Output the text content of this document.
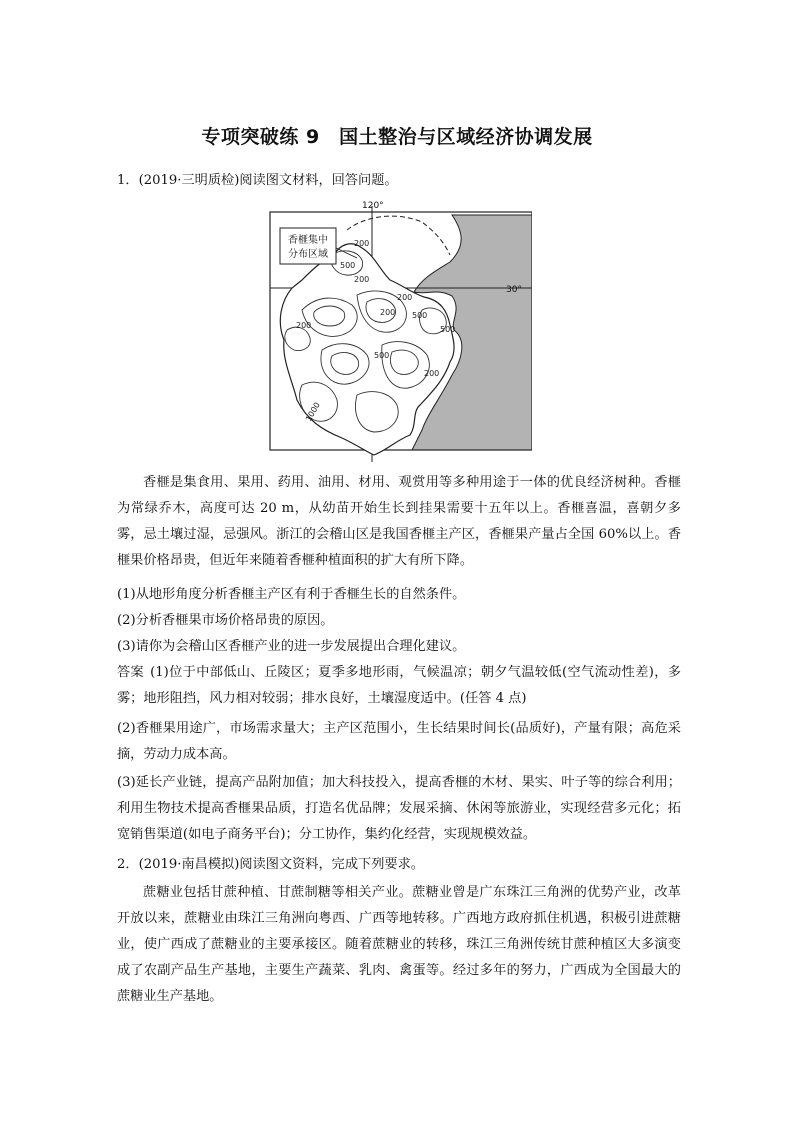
专项突破练 9　国土整治与区域经济协调发展
1．(2019·三明质检)阅读图文材料，回答问题。
200
500
200
200
500
200
200
500
200
500
1000
香榧集中
分布区域
120°
30°
香榧是集食用、果用、药用、油用、材用、观赏用等多种用途于一体的优良经济树种。香榧为常绿乔木，高度可达 20 m，从幼苗开始生长到挂果需要十五年以上。香榧喜温，喜朝夕多雾，忌土壤过湿，忌强风。浙江的会稽山区是我国香榧主产区，香榧果产量占全国 60%以上。香榧果价格昂贵，但近年来随着香榧种植面积的扩大有所下降。
(1)从地形角度分析香榧主产区有利于香榧生长的自然条件。
(2)分析香榧果市场价格昂贵的原因。
(3)请你为会稽山区香榧产业的进一步发展提出合理化建议。
答案 (1)位于中部低山、丘陵区；夏季多地形雨，气候温凉；朝夕气温较低(空气流动性差)，多雾；地形阻挡，风力相对较弱；排水良好，土壤湿度适中。(任答 4 点)
(2)香榧果用途广，市场需求量大；主产区范围小，生长结果时间长(品质好)，产量有限；高危采摘，劳动力成本高。
(3)延长产业链，提高产品附加值；加大科技投入，提高香榧的木材、果实、叶子等的综合利用；利用生物技术提高香榧果品质，打造名优品牌；发展采摘、休闲等旅游业，实现经营多元化；拓宽销售渠道(如电子商务平台)；分工协作，集约化经营，实现规模效益。
2．(2019·南昌模拟)阅读图文资料，完成下列要求。
蔗糖业包括甘蔗种植、甘蔗制糖等相关产业。蔗糖业曾是广东珠江三角洲的优势产业，改革开放以来，蔗糖业由珠江三角洲向粤西、广西等地转移。广西地方政府抓住机遇，积极引进蔗糖业，使广西成了蔗糖业的主要承接区。随着蔗糖业的转移，珠江三角洲传统甘蔗种植区大多演变成了农副产品生产基地，主要生产蔬菜、乳肉、禽蛋等。经过多年的努力，广西成为全国最大的蔗糖业生产基地。
